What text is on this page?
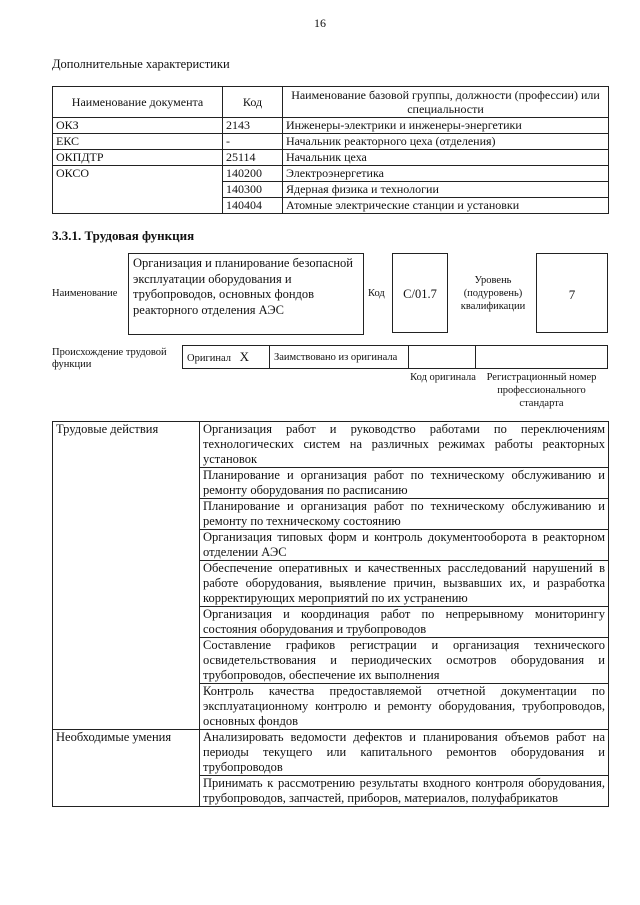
16
Дополнительные характеристики
Наименование документа	Код	Наименование базовой группы, должности (профессии) или специальности
ОКЗ	2143	Инженеры-электрики и инженеры-энергетики
ЕКС	-	Начальник реакторного цеха (отделения)
ОКПДТР	25114	Начальник цеха
ОКСО	140200	Электроэнергетика
	140300	Ядерная физика и технологии
	140404	Атомные электрические станции и установки
3.3.1. Трудовая функция
Наименование
Организация и планирование безопасной эксплуатации оборудования и трубопроводов, основных фондов реакторного отделения АЭС
Код	C/01.7
Уровень (подуровень) квалификации
7
Происхождение трудовой функции
Оригинал X	Заимствовано из оригинала		
Код оригинала	Регистрационный номер профессионального стандарта
Трудовые действия	Организация работ и руководство работами по переключениям технологических систем на различных режимах работы реакторных установок
	Планирование и организация работ по техническому обслуживанию и ремонту оборудования по расписанию
	Планирование и организация работ по техническому обслуживанию и ремонту по техническому состоянию
	Организация типовых форм и контроль документооборота в реакторном отделении АЭС
	Обеспечение оперативных и качественных расследований нарушений в работе оборудования, выявление причин, вызвавших их, и разработка корректирующих мероприятий по их устранению
	Организация и координация работ по непрерывному мониторингу состояния оборудования и трубопроводов
	Составление графиков регистрации и организация технического освидетельствования и периодических осмотров оборудования и трубопроводов, обеспечение их выполнения
	Контроль качества предоставляемой отчетной документации по эксплуатационному контролю и ремонту оборудования, трубопроводов, основных фондов
Необходимые умения	Анализировать ведомости дефектов и планирования объемов работ на периоды текущего или капитального ремонтов оборудования и трубопроводов
	Принимать к рассмотрению результаты входного контроля оборудования, трубопроводов, запчастей, приборов, материалов, полуфабрикатов
